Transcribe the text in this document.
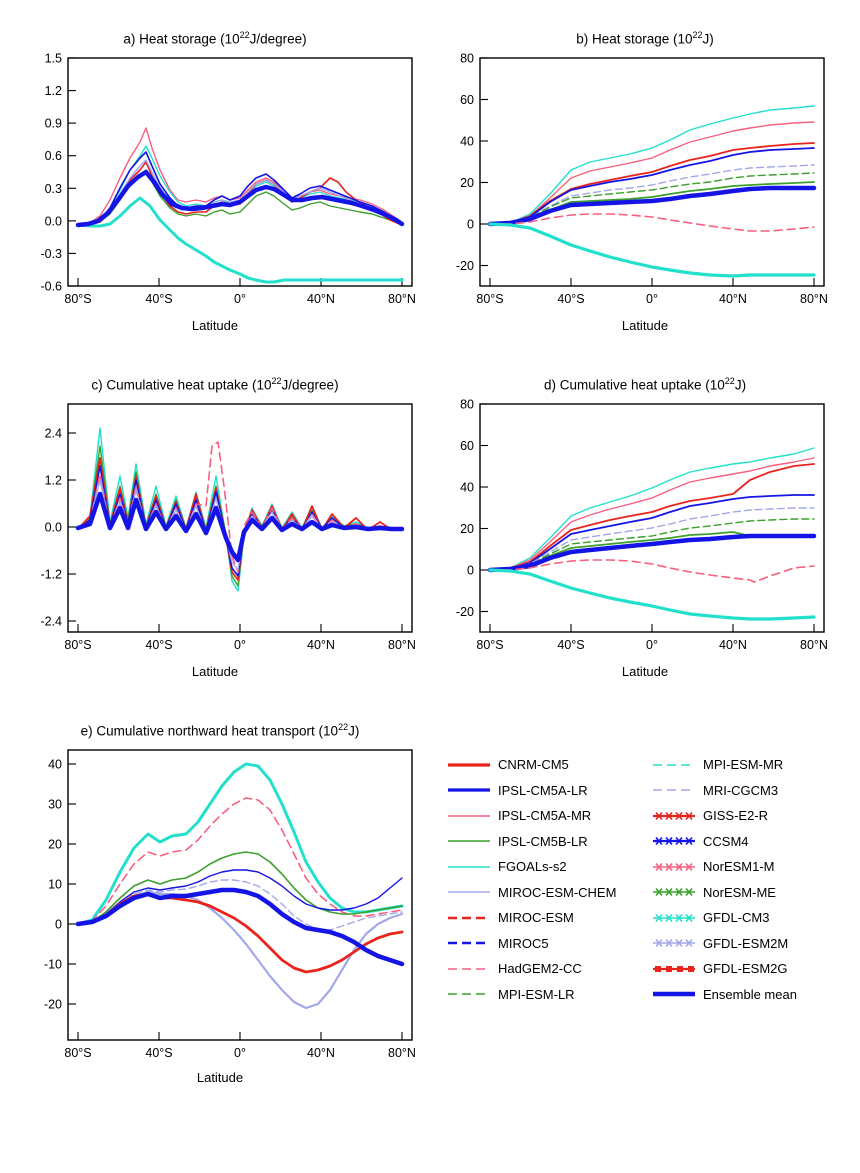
a) Heat storage $(10^{22}J/degree)$
1.5
1.2
0.9
0.6
0.3
0.0
-0.3
-0.6
80°S	40°S	0°	40°N	80°N
Latitude
b) Heat storage $(10^{22}J)$
80
60
40
20
0
-20
80°S	40°S	0°	40°N	80°N
Latitude
c) Cumulative heat uptake $(10^{22}J/degree)$
2.4
1.2
0.0
-1.2
-2.4
80°S	40°S	0°	40°N	80°N
Latitude
d) Cumulative heat uptake $(10^{22}J)$
80
60
40
20
0
-20
80°S	40°S	0°	40°N	80°N
Latitude
e) Cumulative northward heat transport $(10^{22}J)$
40
30
20
10
0
-10
-20
80°S	40°S	0°	40°N	80°N
Latitude
CNRM-CM5
IPSL-CM5A-LR
IPSL-CM5A-MR
IPSL-CM5B-LR
FGOALs-s2
MIROC-ESM-CHEM
MIROC-ESM
MIROC5
HadGEM2-CC
MPI-ESM-LR
MPI-ESM-MR
MRI-CGCM3
GISS-E2-R
CCSM4
NorESM1-M
NorESM-ME
GFDL-CM3
GFDL-ESM2M
GFDL-ESM2G
Ensemble mean
